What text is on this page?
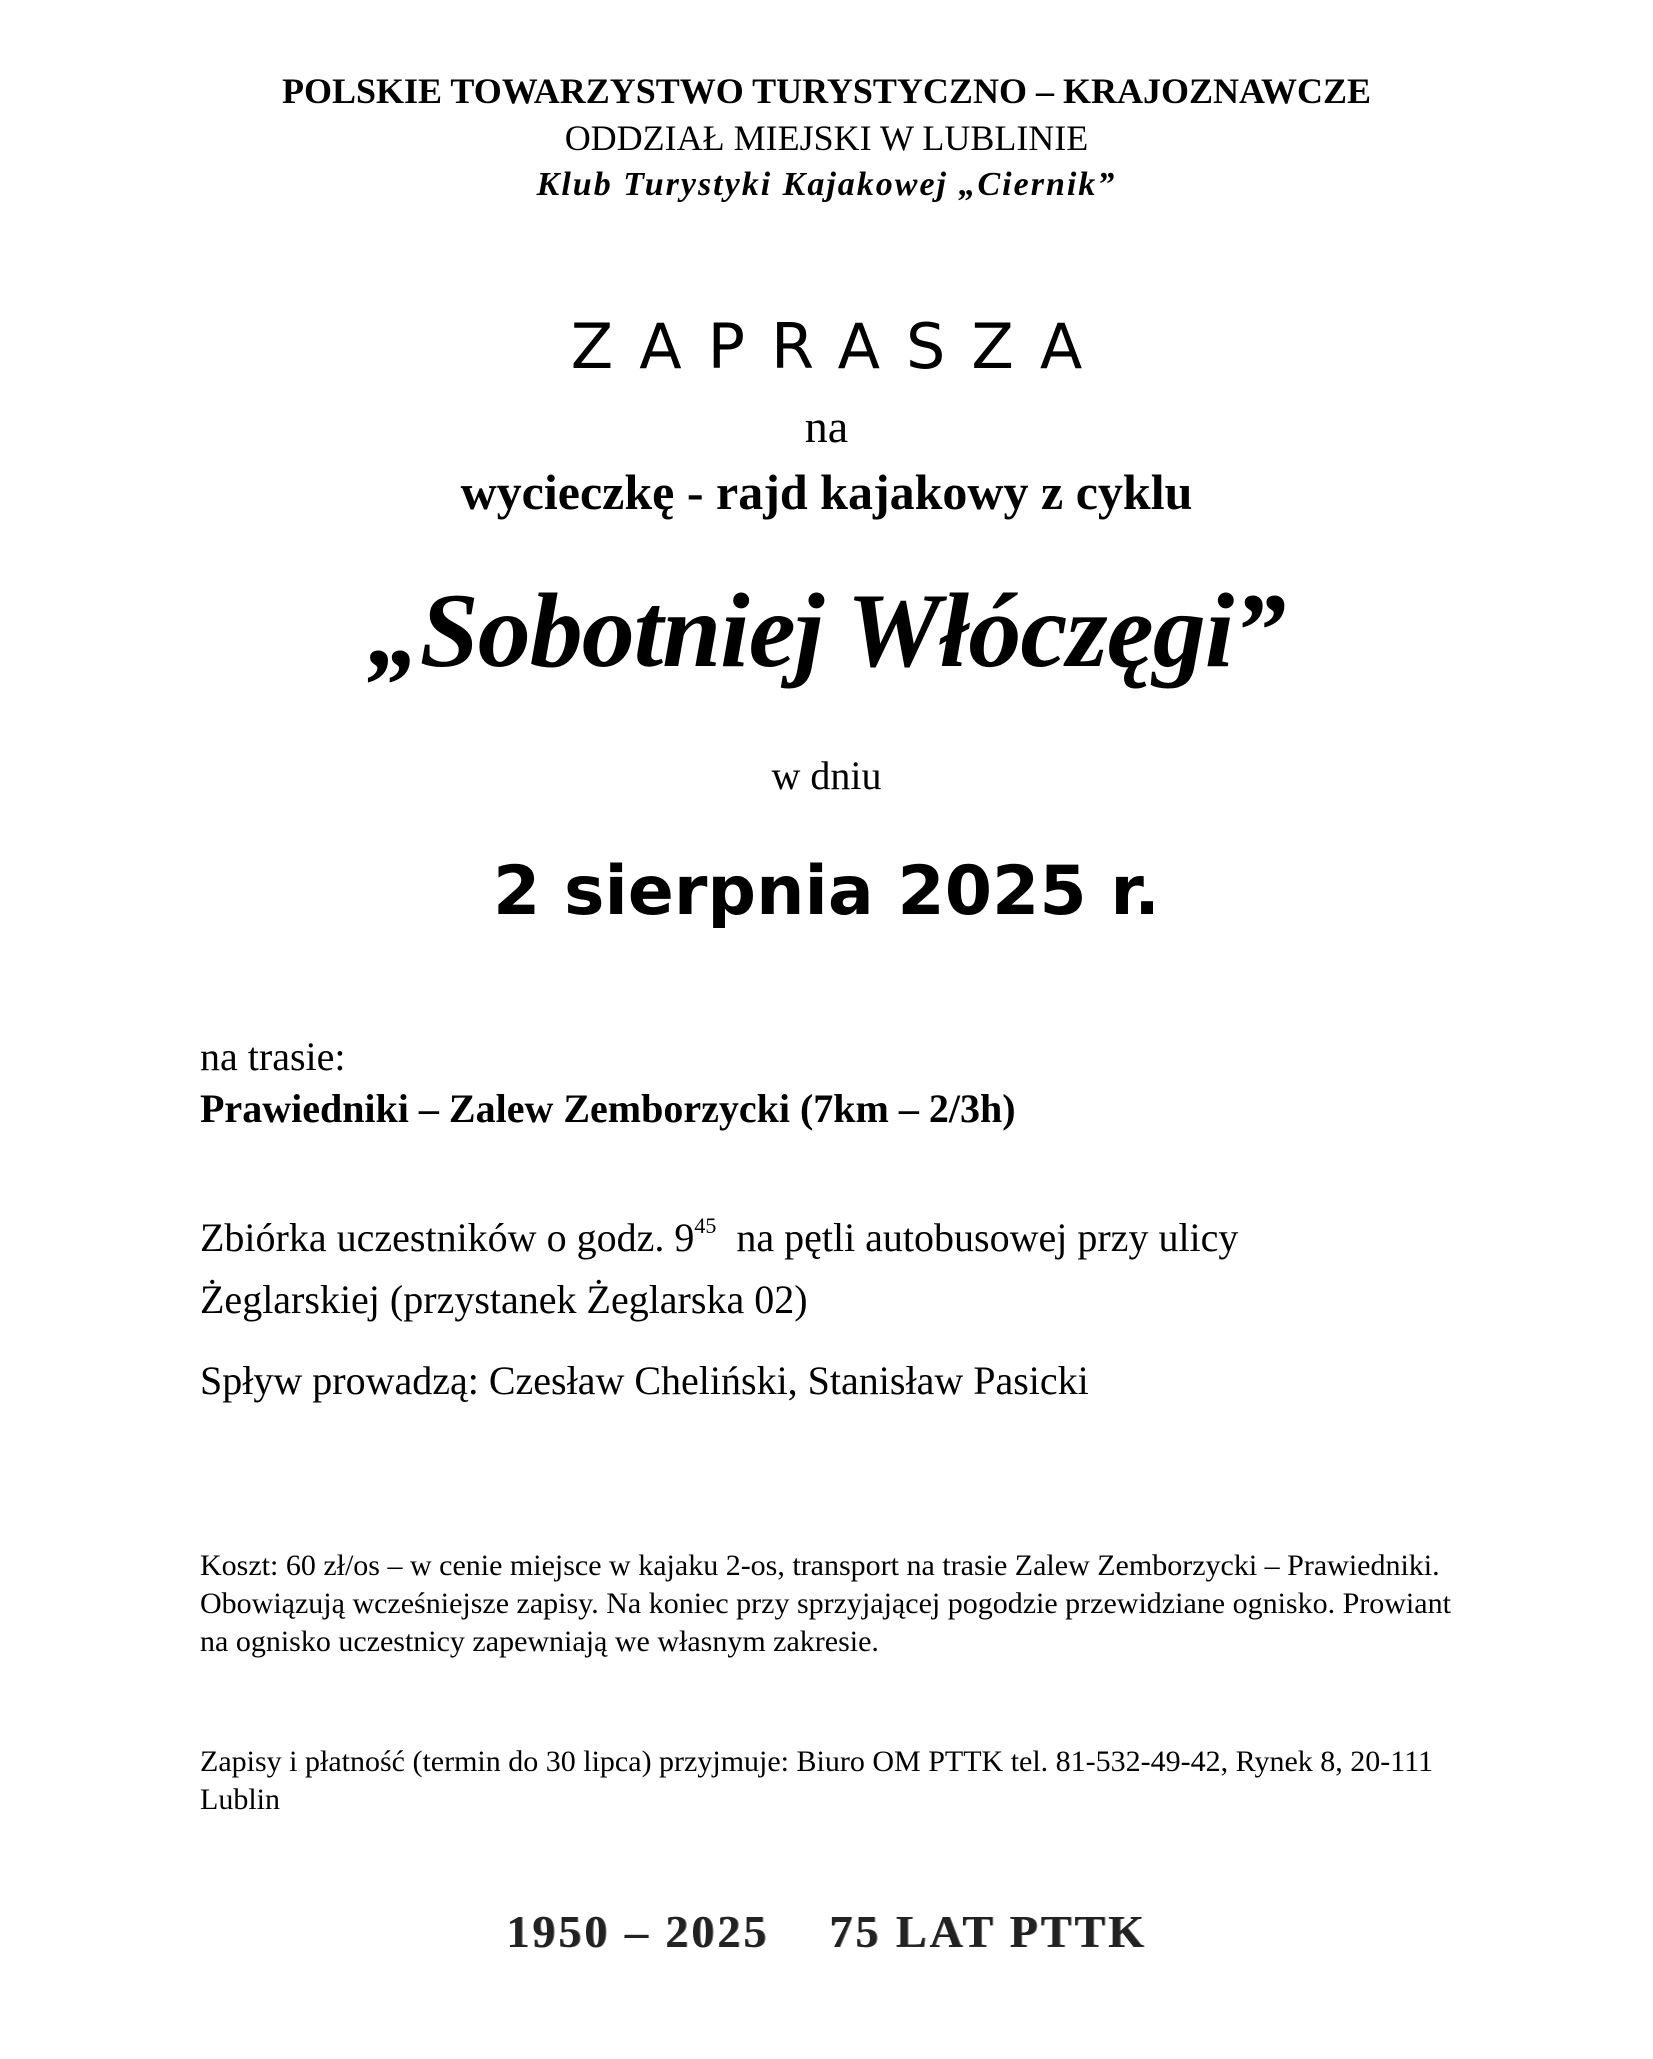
POLSKIE TOWARZYSTWO TURYSTYCZNO – KRAJOZNAWCZE
ODDZIAŁ MIEJSKI W LUBLINIE
Klub Turystyki Kajakowej „Ciernik”
ZAPRASZA
na
wycieczkę - rajd kajakowy z cyklu
„Sobotniej Włóczęgi”
w dniu
2 sierpnia 2025 r.
na trasie:
Prawiedniki – Zalew Zemborzycki (7km – 2/3h)
Zbiórka uczestników o godz. $9^{45}$  na pętli autobusowej przy ulicy
Żeglarskiej (przystanek Żeglarska 02)
Spływ prowadzą: Czesław Cheliński, Stanisław Pasicki

Koszt: 60 zł/os – w cenie miejsce w kajaku 2-os, transport na trasie Zalew Zemborzycki – Prawiedniki.

Obowiązują wcześniejsze zapisy. Na koniec przy sprzyjającej pogodzie przewidziane ognisko. Prowiant na ognisko uczestnicy zapewniają we własnym zakresie.

Zapisy i płatność (termin do 30 lipca) przyjmuje: Biuro OM PTTK tel. 81-532-49-42, Rynek 8, 20-111 Lublin
1950 – 2025 75 LAT PTTK
